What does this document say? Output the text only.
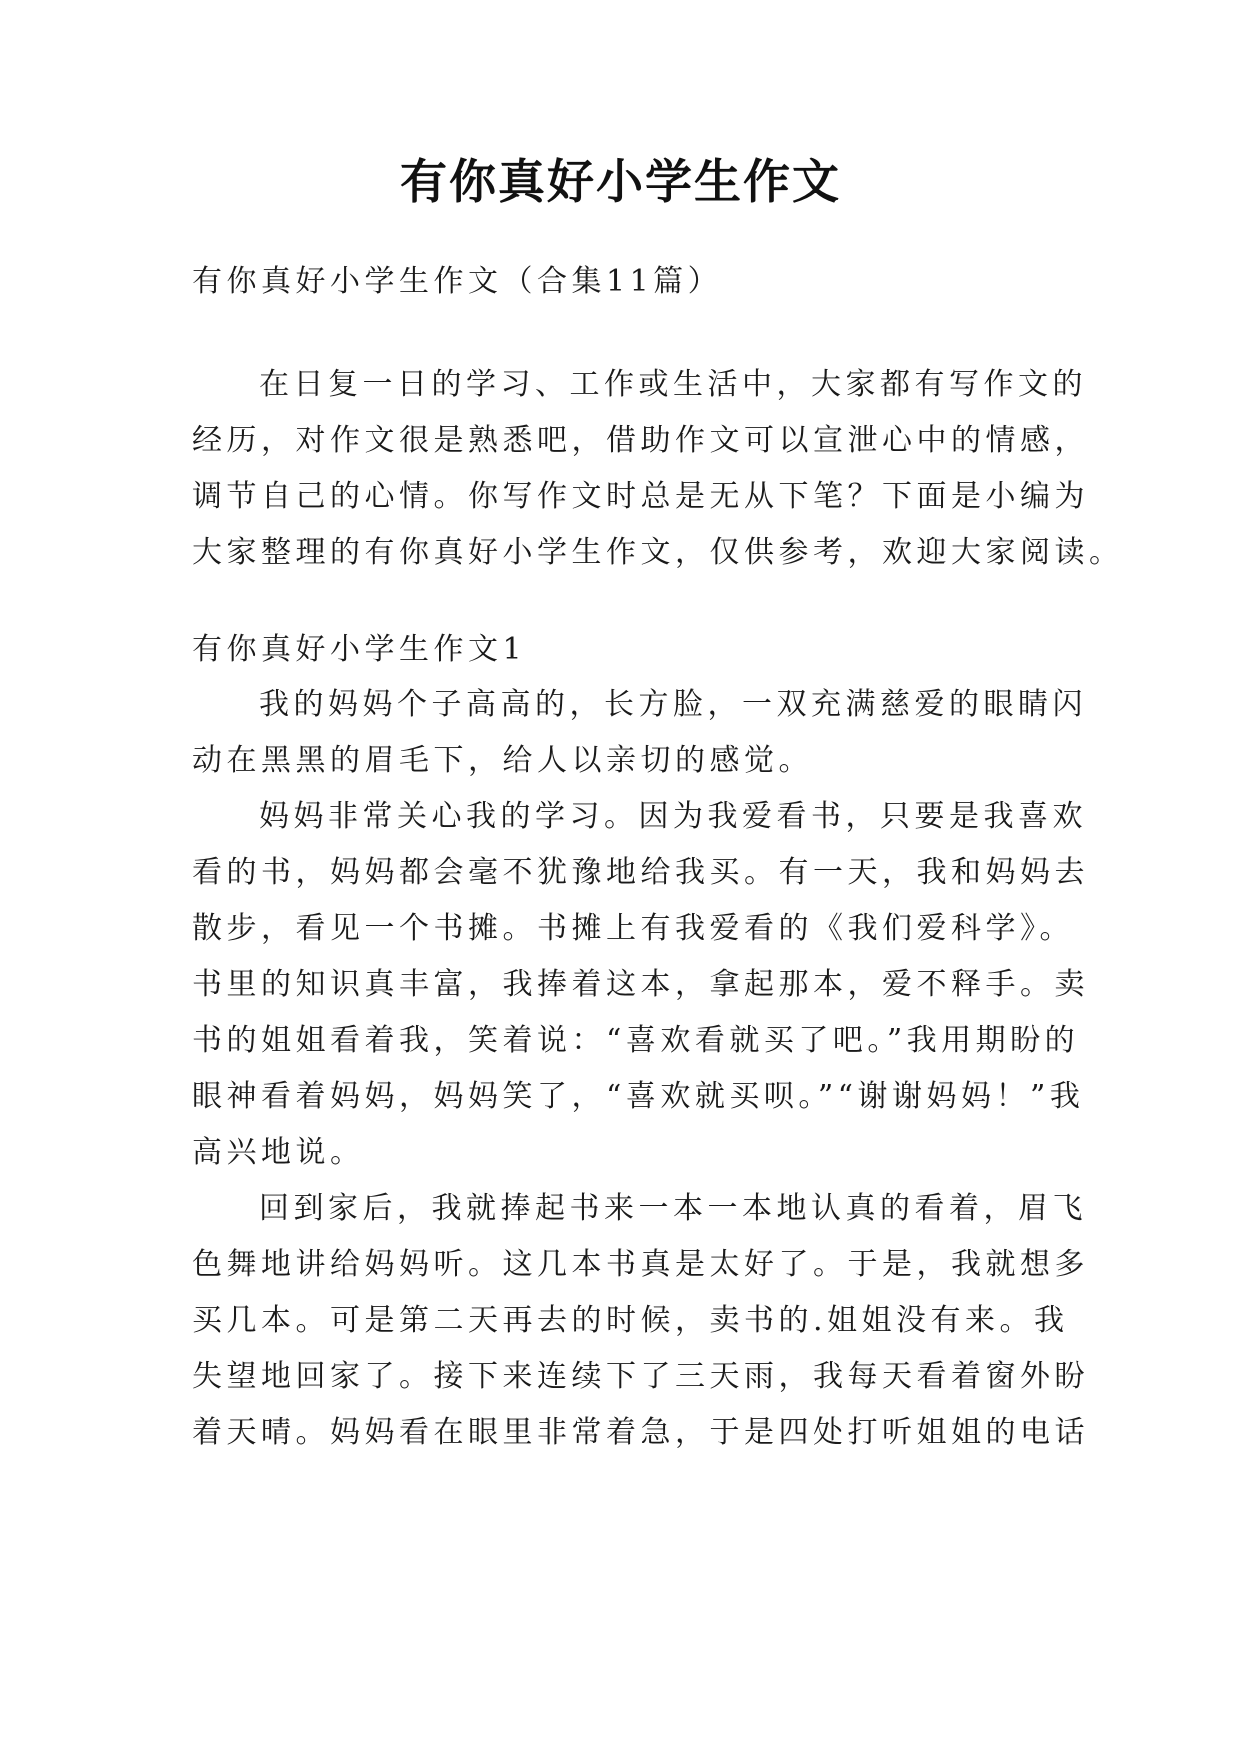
有你真好小学生作文
有你真好小学生作文（合集11篇）
在日复一日的学习、工作或生活中，大家都有写作文的
经历，对作文很是熟悉吧，借助作文可以宣泄心中的情感，
调节自己的心情。你写作文时总是无从下笔？下面是小编为
大家整理的有你真好小学生作文，仅供参考，欢迎大家阅读。
有你真好小学生作文1
我的妈妈个子高高的，长方脸，一双充满慈爱的眼睛闪
动在黑黑的眉毛下，给人以亲切的感觉。
妈妈非常关心我的学习。因为我爱看书，只要是我喜欢
看的书，妈妈都会毫不犹豫地给我买。有一天，我和妈妈去
散步，看见一个书摊。书摊上有我爱看的《我们爱科学》。
书里的知识真丰富，我捧着这本，拿起那本，爱不释手。卖
书的姐姐看着我，笑着说：“喜欢看就买了吧。”我用期盼的
眼神看着妈妈，妈妈笑了，“喜欢就买呗。”“谢谢妈妈！”我
高兴地说。
回到家后，我就捧起书来一本一本地认真的看着，眉飞
色舞地讲给妈妈听。这几本书真是太好了。于是，我就想多
买几本。可是第二天再去的时候，卖书的.姐姐没有来。我
失望地回家了。接下来连续下了三天雨，我每天看着窗外盼
着天晴。妈妈看在眼里非常着急，于是四处打听姐姐的电话
